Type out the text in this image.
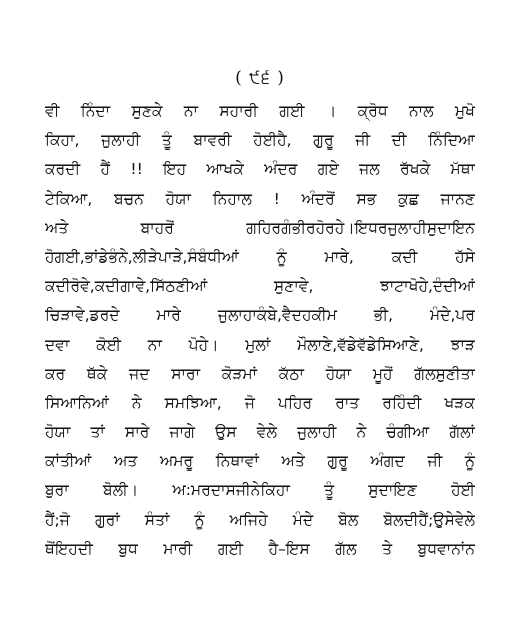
( ੯੬ )
ਵੀ ਨਿੰਦਾ ਸੁਣਕੇ ਨਾ ਸਹਾਰੀ ਗਈ । ਕ੍ਰੋਧ ਨਾਲ ਮੁਖੋ
ਕਿਹਾ, ਜੁਲਾਹੀ ਤੂੰ ਬਾਵਰੀ ਹੋਈਹੈ, ਗੁਰੂ ਜੀ ਦੀ ਨਿੰਦਿਆ
ਕਰਦੀ ਹੈਂ !! ਇਹ ਆਖਕੇ ਅੰਦਰ ਗਏ ਜਲ ਰੱਖਕੇ ਮੱਥਾ
ਟੇਕਿਆ, ਬਚਨ ਹੋਯਾ ਨਿਹਾਲ ! ਅੰਦਰੋਂ ਸਭ ਕੁਛ ਜਾਨਣ
ਅਤੇ ਬਾਹਰੋਂ ਗਹਿਰਗੰਭੀਰਹੋਰਹੇ।ਇਧਰਜੁਲਾਹੀਸੁਦਾਇਨ
ਹੋਗਈ,ਭਾਂਡੇਭੰਨੇ,ਲੀੜੇਪਾੜੇ,ਸੰਬੰਧੀਆਂ ਨੂੰ ਮਾਰੇ, ਕਦੀ ਹੱਸੇ
ਕਦੀਰੋਵੇ,ਕਦੀਗਾਵੇ,ਸਿੱਠਣੀਆਂ ਸੁਣਾਵੇ, ਝਾਟਾਖੋਹੇ,ਦੰਦੀਆਂ
ਚਿੜਾਵੇ,ਡਰਦੇ ਮਾਰੇ ਜੁਲਾਹਾਕੰਬੇ,ਵੈਦਹਕੀਮ ਭੀ, ਮੰਦੇ,ਪਰ
ਦਵਾ ਕੋਈ ਨਾ ਪੋਹੇ। ਮੁਲਾਂ ਮੌਲਾਣੇ,ਵੱਡੇਵੱਡੇਸਿਆਣੇ, ਝਾੜ
ਕਰ ਥੱਕੇ ਜਦ ਸਾਰਾ ਕੋੜਮਾਂ ਕੱਠਾ ਹੋਯਾ ਮੂਹੋਂ ਗੱਲਸੁਣੀਤਾ
ਸਿਆਨਿਆਂ ਨੇ ਸਮਝਿਆ, ਜੋ ਪਹਿਰ ਰਾਤ ਰਹਿੰਦੀ ਖੜਕ
ਹੋਯਾ ਤਾਂ ਸਾਰੇ ਜਾਗੇ ਉਸ ਵੇਲੇ ਜੁਲਾਹੀ ਨੇ ਚੰਗੀਆ ਗੱਲਾਂ
ਕਾਂਤੀਆਂ ਅਤ ਅਮਰੂ ਨਿਥਾਵਾਂ ਅਤੇ ਗੁਰੂ ਅੰਗਦ ਜੀ ਨੂੰ
ਬੁਰਾ ਬੋਲੀ। ਅ:ਮਰਦਾਸਜੀਨੇਕਿਹਾ ਤੂੰ ਸੁਦਾਇਣ ਹੋਈ
ਹੈਂ;ਜੋ ਗੁਰਾਂ ਸੰਤਾਂ ਨੂੰ ਅਜਿਹੇ ਮੰਦੇ ਬੋਲ ਬੋਲਦੀਹੈਂ;ਉਸੇਵੇਲੇ
ਥੋਂਇਹਦੀ ਬੁਧ ਮਾਰੀ ਗਈ ਹੈ–ਇਸ ਗੱਲ ਤੇ ਬੁਧਵਾਨਾਂਨ
